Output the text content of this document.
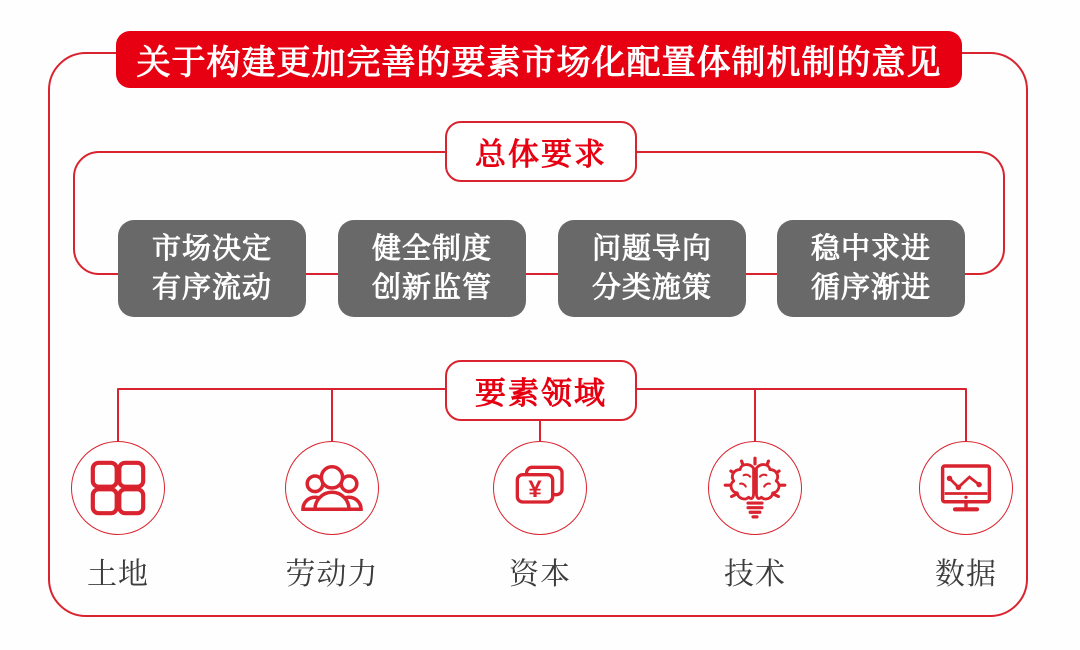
关于构建更加完善的要素市场化配置体制机制的意见
总体要求
市场决定
有序流动
健全制度
创新监管
问题导向
分类施策
稳中求进
循序渐进
要素领域
土地	劳动力
¥
资本	技术	数据
